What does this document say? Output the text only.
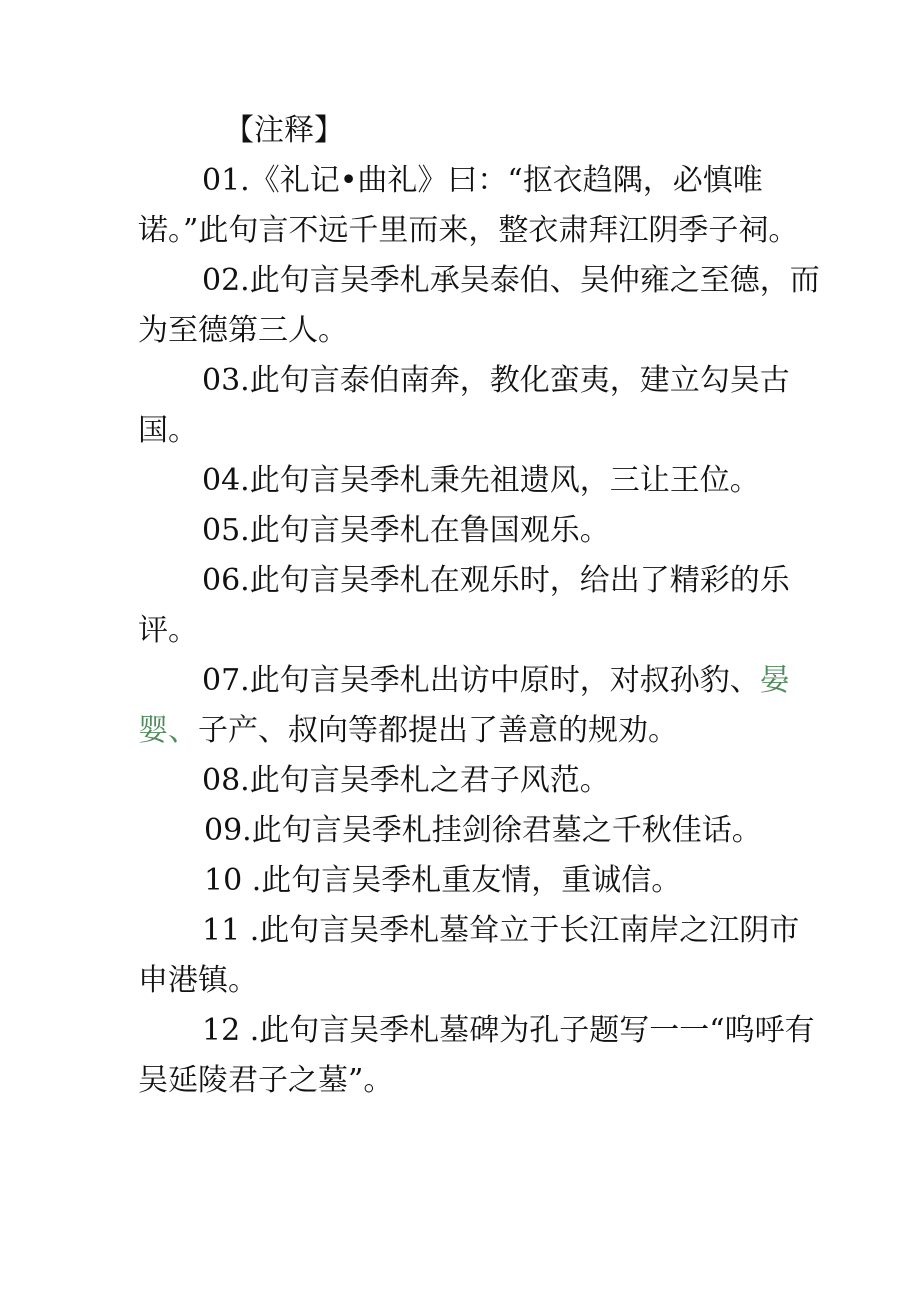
【注释】

01.《礼记•曲礼》曰：“抠衣趋隅，必慎唯诺。”此句言不远千里而来，整衣肃拜江阴季子祠。

02.此句言吴季札承吴泰伯、吴仲雍之至德，而为至德第三人。

03.此句言泰伯南奔，教化蛮夷，建立勾吴古国。

04.此句言吴季札秉先祖遗风，三让王位。

05.此句言吴季札在鲁国观乐。

06.此句言吴季札在观乐时，给出了精彩的乐评。

07.此句言吴季札出访中原时，对叔孙豹、晏婴、子产、叔向等都提出了善意的规劝。

08.此句言吴季札之君子风范。

09.此句言吴季札挂剑徐君墓之千秋佳话。

10 .此句言吴季札重友情，重诚信。

11 .此句言吴季札墓耸立于长江南岸之江阴市申港镇。

12 .此句言吴季札墓碑为孔子题写一一“呜呼有吴延陵君子之墓”。
